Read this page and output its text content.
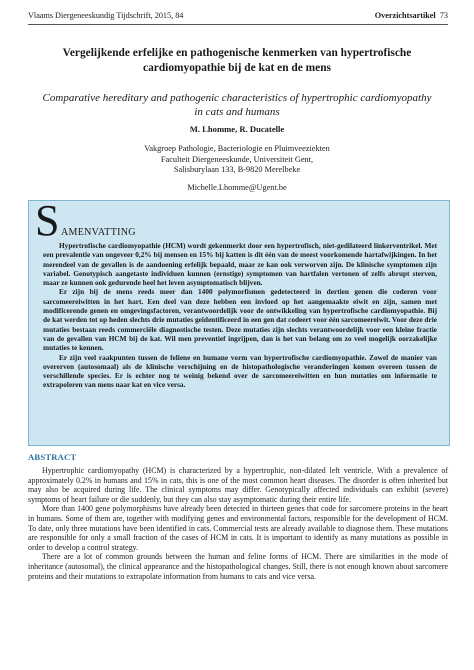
Vlaams Diergeneeskundig Tijdschrift, 2015, 84	Overzichtsartikel 73
Vergelijkende erfelijke en pathogenische kenmerken van hypertrofische cardiomyopathie bij de kat en de mens
Comparative hereditary and pathogenic characteristics of hypertrophic cardiomyopathy in cats and humans
M. Lhomme, R. Ducatelle
Vakgroep Pathologie, Bacteriologie en Pluimveeziekten
Faculteit Diergeneeskunde, Universiteit Gent,
Salisburylaan 133, B-9820 Merelbeke
Michelle.Lhomme@Ugent.be
S AMENVATTING

Hypertrofische cardiomyopathie (HCM) wordt gekenmerkt door een hypertrofisch, niet-gedilateerd linkerventrikel. Met een prevalentie van ongeveer 0,2% bij mensen en 15% bij katten is dit één van de meest voorkomende hartafwijkingen. In het merendeel van de gevallen is de aandoening erfelijk bepaald, maar ze kan ook verworven zijn. De klinische symptomen zijn variabel. Genotypisch aangetaste individuen kunnen (ernstige) symptomen van hartfalen vertonen of zelfs abrupt sterven, maar ze kunnen ook gedurende heel het leven asymptomatisch blijven.

Er zijn bij de mens reeds meer dan 1400 polymorfismen gedetecteerd in dertien genen die coderen voor sarcomeereiwitten in het hart. Een deel van deze hebben een invloed op het aangemaakte eiwit en zijn, samen met modificerende genen en omgevingsfactoren, verantwoordelijk voor de ontwikkeling van hypertrofische cardiomyopathie. Bij de kat werden tot op heden slechts drie mutaties geïdentificeerd in een gen dat codeert voor één sarcomeereiwit. Voor deze drie mutaties bestaan reeds commerciële diagnostische testen. Deze mutaties zijn slechts verantwoordelijk voor een kleine fractie van de gevallen van HCM bij de kat. Wil men preventief ingrijpen, dan is het van belang om zo veel mogelijk oorzakelijke mutaties te kennen.

Er zijn veel raakpunten tussen de feliene en humane vorm van hypertrofische cardiomyopathie. Zowel de manier van overerven (autosomaal) als de klinische verschijning en de histopathologische veranderingen komen overeen tussen de verschillende species. Er is echter nog te weinig bekend over de sarcomeereiwitten en hun mutaties om informatie te extrapoleren van mens naar kat en vice versa.

ABSTRACT

Hypertrophic cardiomyopathy (HCM) is characterized by a hypertrophic, non-dilated left ventricle. With a prevalence of approximately 0.2% in humans and 15% in cats, this is one of the most common heart diseases. The disorder is often inherited but may also be acquired during life. The clinical symptoms may differ. Genotypically affected individuals can exhibit (severe) symptoms of heart failure or die suddenly, but they can also stay asymptomatic during their entire life.

More than 1400 gene polymorphisms have already been detected in thirteen genes that code for sarcomere proteins in the heart in humans. Some of them are, together with modifying genes and environmental factors, responsible for the development of HCM. To date, only three mutations have been identified in cats. Commercial tests are already available to diagnose them. These mutations are responsible for only a small fraction of the cases of HCM in cats. It is important to identify as many mutations as possible in order to develop a control strategy.

There are a lot of common grounds between the human and feline forms of HCM. There are similarities in the mode of inheritance (autosomal), the clinical appearance and the histopathological changes. Still, there is not enough known about sarcomere proteins and their mutations to extrapolate information from humans to cats and vice versa.
